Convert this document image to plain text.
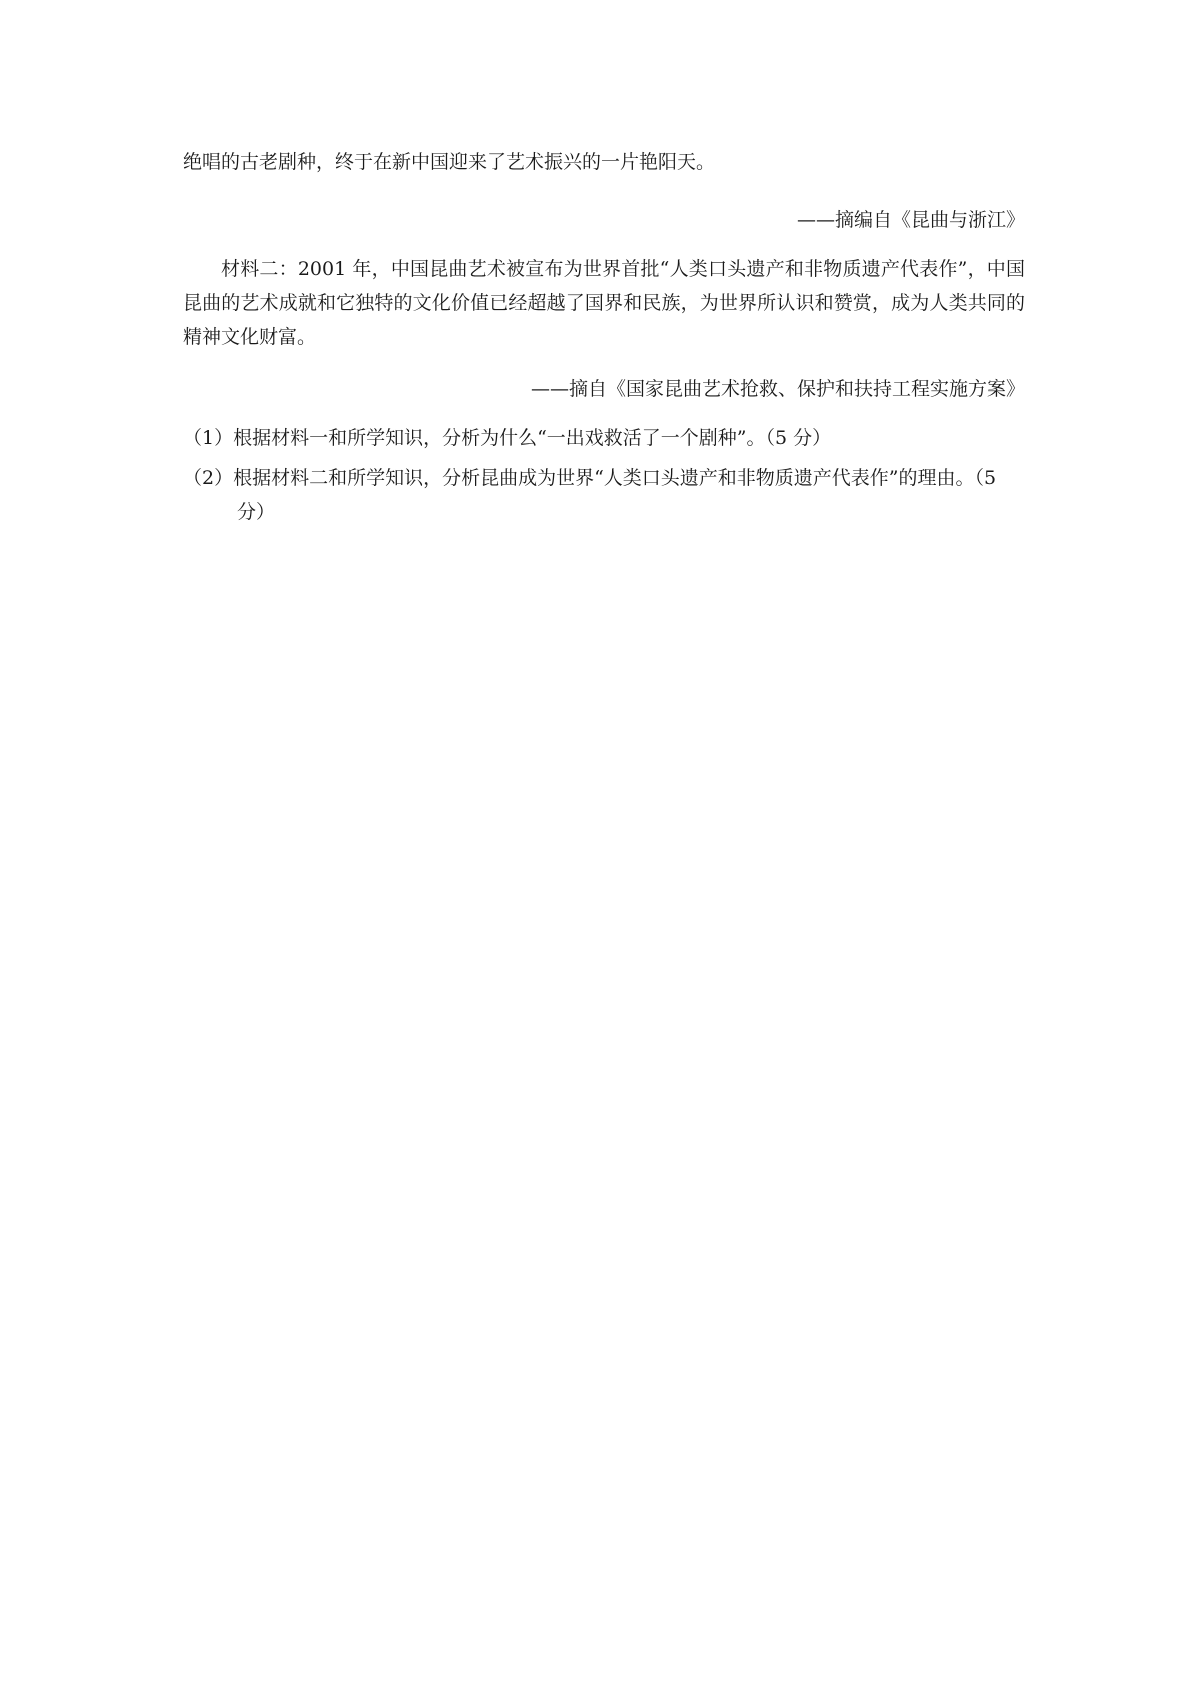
绝唱的古老剧种，终于在新中国迎来了艺术振兴的一片艳阳天。

——摘编自《昆曲与浙江》

材料二：2001 年，中国昆曲艺术被宣布为世界首批“人类口头遗产和非物质遗产代表作”，中国昆曲的艺术成就和它独特的文化价值已经超越了国界和民族，为世界所认识和赞赏，成为人类共同的精神文化财富。

——摘自《国家昆曲艺术抢救、保护和扶持工程实施方案》

（1）根据材料一和所学知识，分析为什么“一出戏救活了一个剧种”。（5 分）

（2）根据材料二和所学知识，分析昆曲成为世界“人类口头遗产和非物质遗产代表作”的理由。（5 分）
